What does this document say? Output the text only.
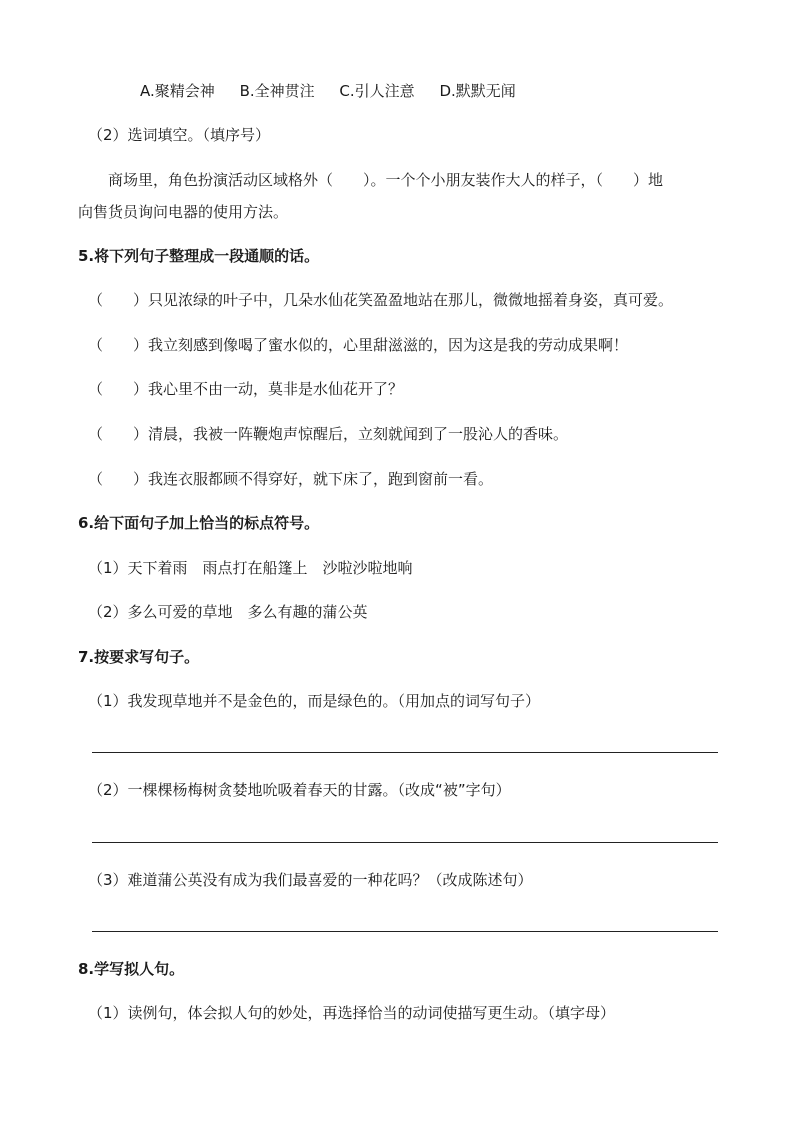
A.聚精会神 B.全神贯注 C.引人注意 D.默默无闻
（2）选词填空。（填序号）
商场里，角色扮演活动区域格外（　　）。一个个小朋友装作大人的样子，（　　）地
向售货员询问电器的使用方法。
5.将下列句子整理成一段通顺的话。
（　　）只见浓绿的叶子中，几朵水仙花笑盈盈地站在那儿，微微地摇着身姿，真可爱。
（　　）我立刻感到像喝了蜜水似的，心里甜滋滋的，因为这是我的劳动成果啊！
（　　）我心里不由一动，莫非是水仙花开了？
（　　）清晨，我被一阵鞭炮声惊醒后，立刻就闻到了一股沁人的香味。
（　　）我连衣服都顾不得穿好，就下床了，跑到窗前一看。
6.给下面句子加上恰当的标点符号。
（1）天下着雨　雨点打在船篷上　沙啦沙啦地响
（2）多么可爱的草地　多么有趣的蒲公英
7.按要求写句子。
（1）我发现草地并不是金色的，而是绿色的。（用加点的词写句子）
（2）一棵棵杨梅树贪婪地吮吸着春天的甘露。（改成“被”字句）
（3）难道蒲公英没有成为我们最喜爱的一种花吗？（改成陈述句）
8.学写拟人句。
（1）读例句，体会拟人句的妙处，再选择恰当的动词使描写更生动。（填字母）
